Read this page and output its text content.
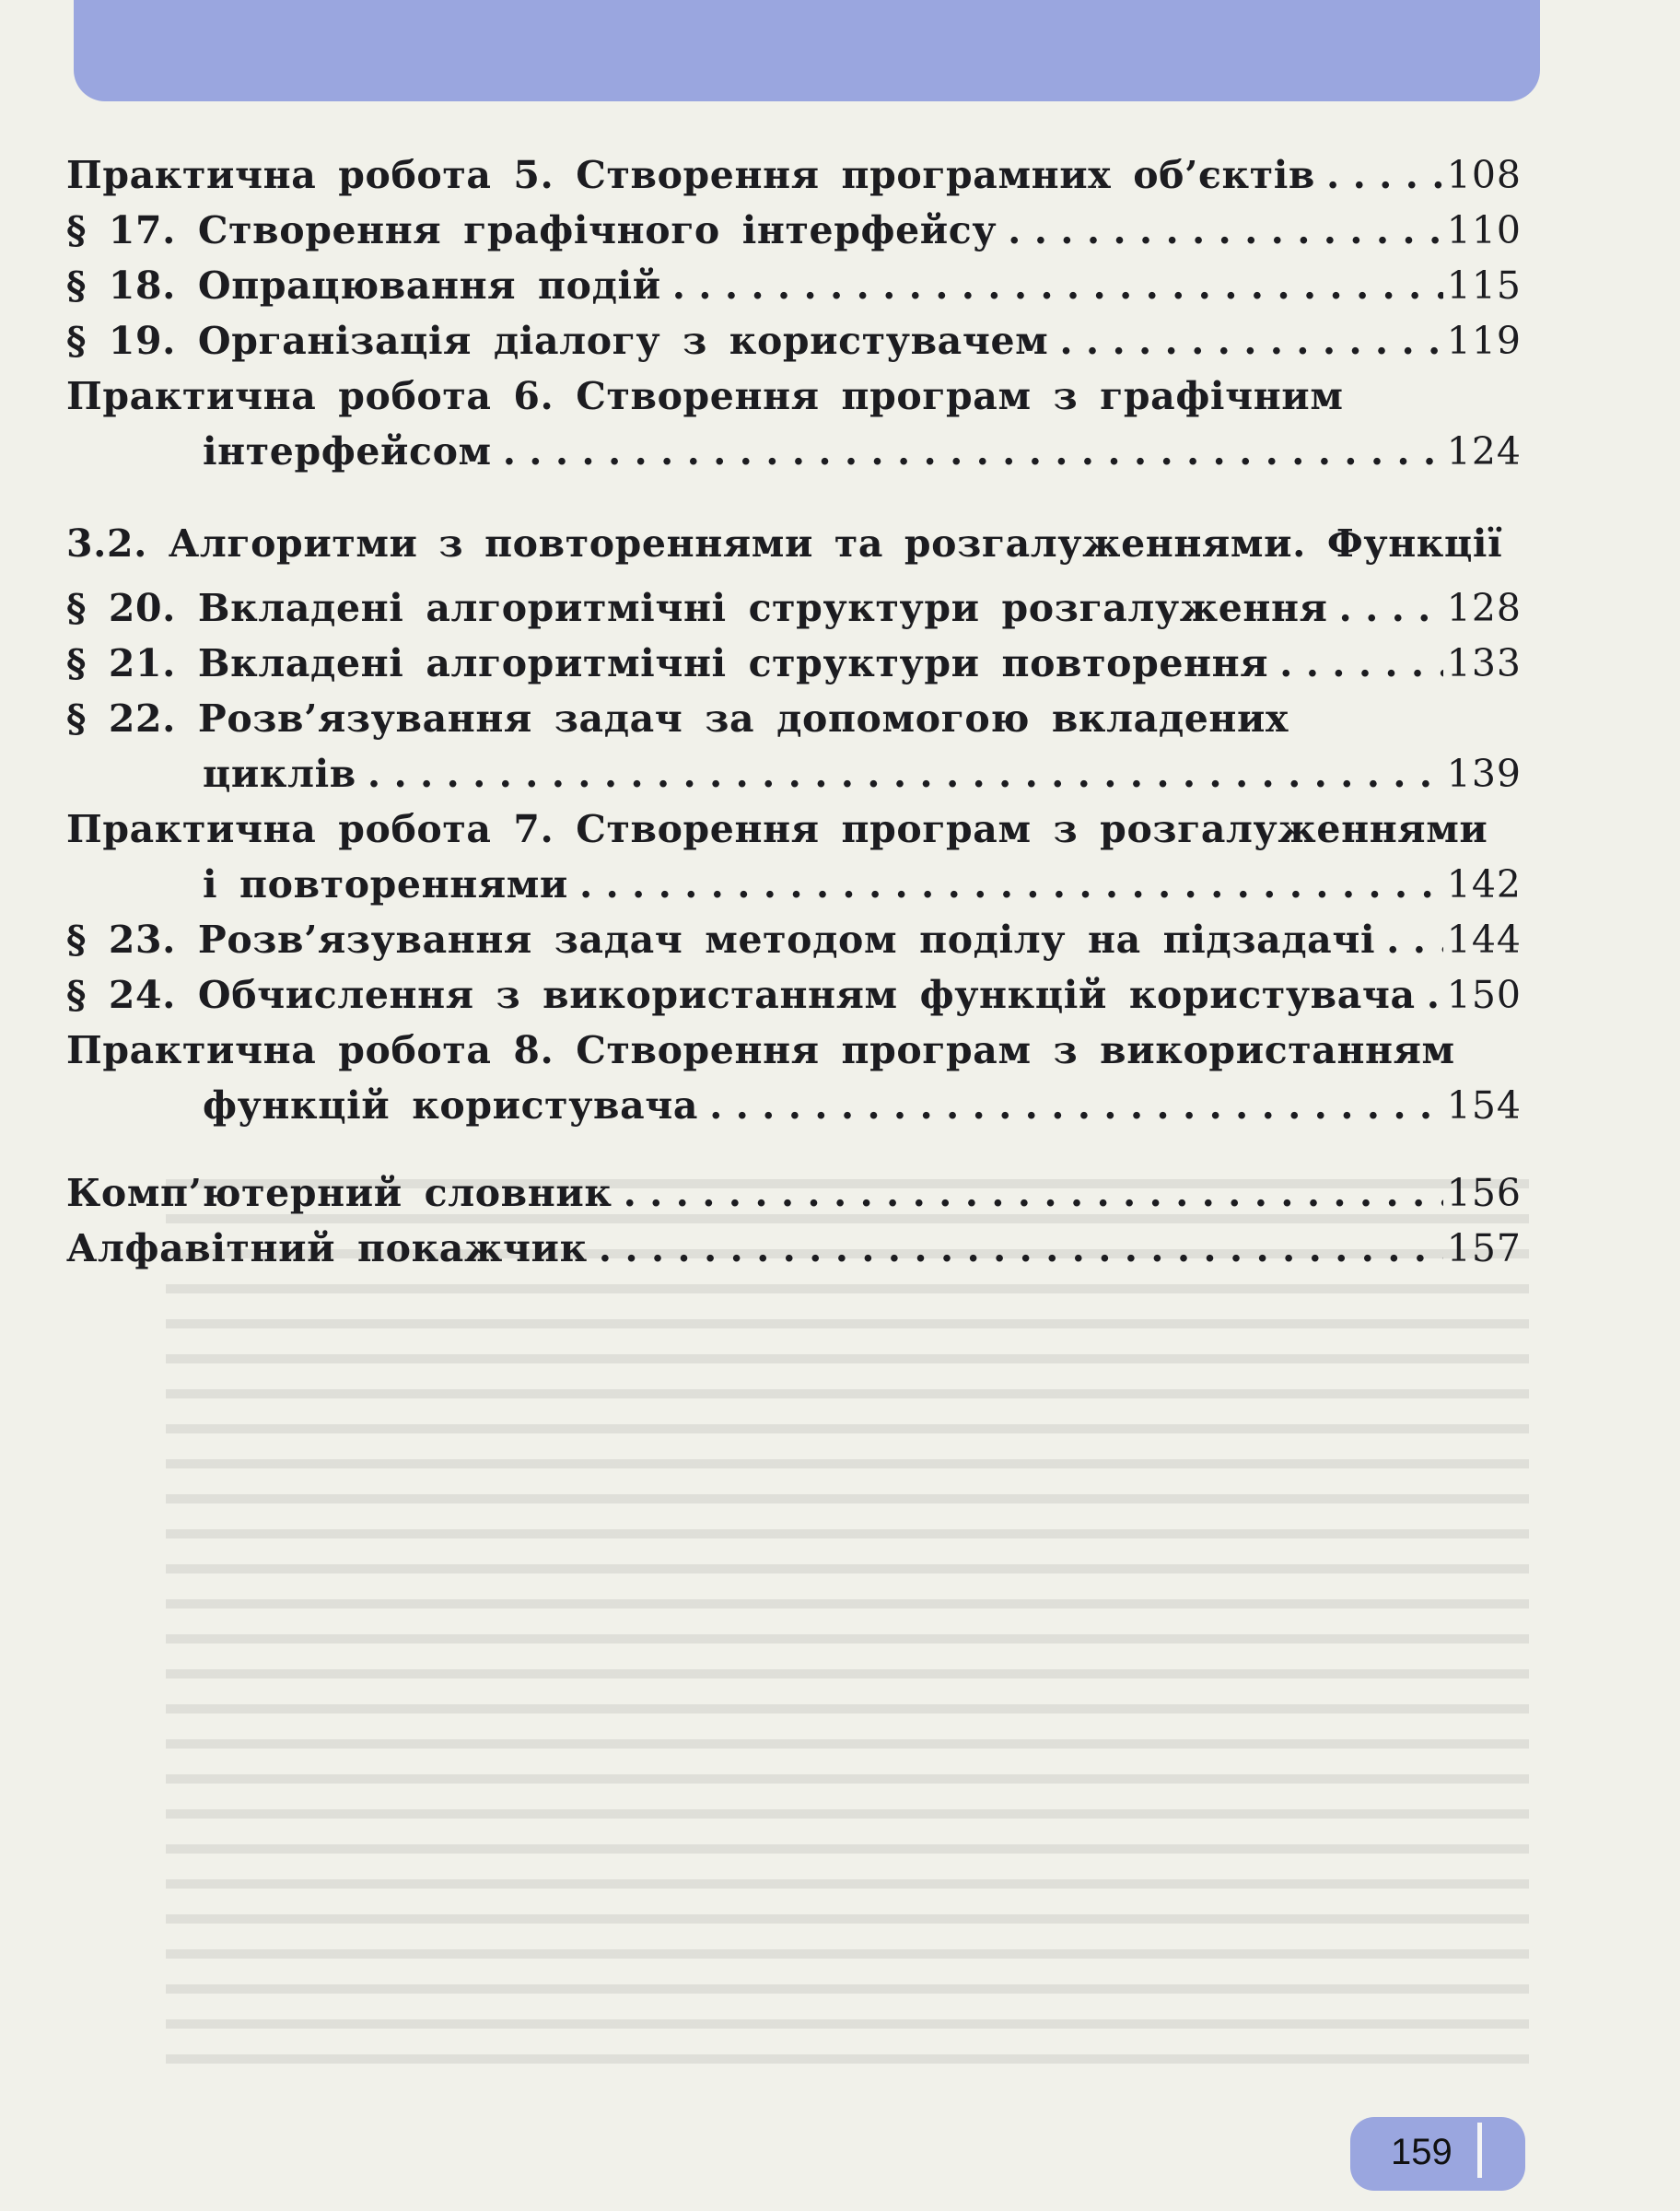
Практична робота 5. Створення програмних об’єктів . . .	108
§ 17. Створення графічного інтерфейсу . . .	110
§ 18. Опрацювання подій . . .	115
§ 19. Організація діалогу з користувачем . . .	119
Практична робота 6. Створення програм з графічним
інтерфейсом . . .	124
3.2. Алгоритми з повтореннями та розгалуженнями. Функції
§ 20. Вкладені алгоритмічні структури розгалуження . . .	128
§ 21. Вкладені алгоритмічні структури повторення . . .	133
§ 22. Розв’язування задач за допомогою вкладених
циклів . . .	139
Практична робота 7. Створення програм з розгалуженнями
і повтореннями . . .	142
§ 23. Розв’язування задач методом поділу на підзадачі . . . 144
§ 24. Обчислення з використанням функцій користувача . . . 150
Практична робота 8. Створення програм з використанням
функцій користувача . . .	154
Комп’ютерний словник . . .	156
Алфавітний покажчик . . .	157
159
